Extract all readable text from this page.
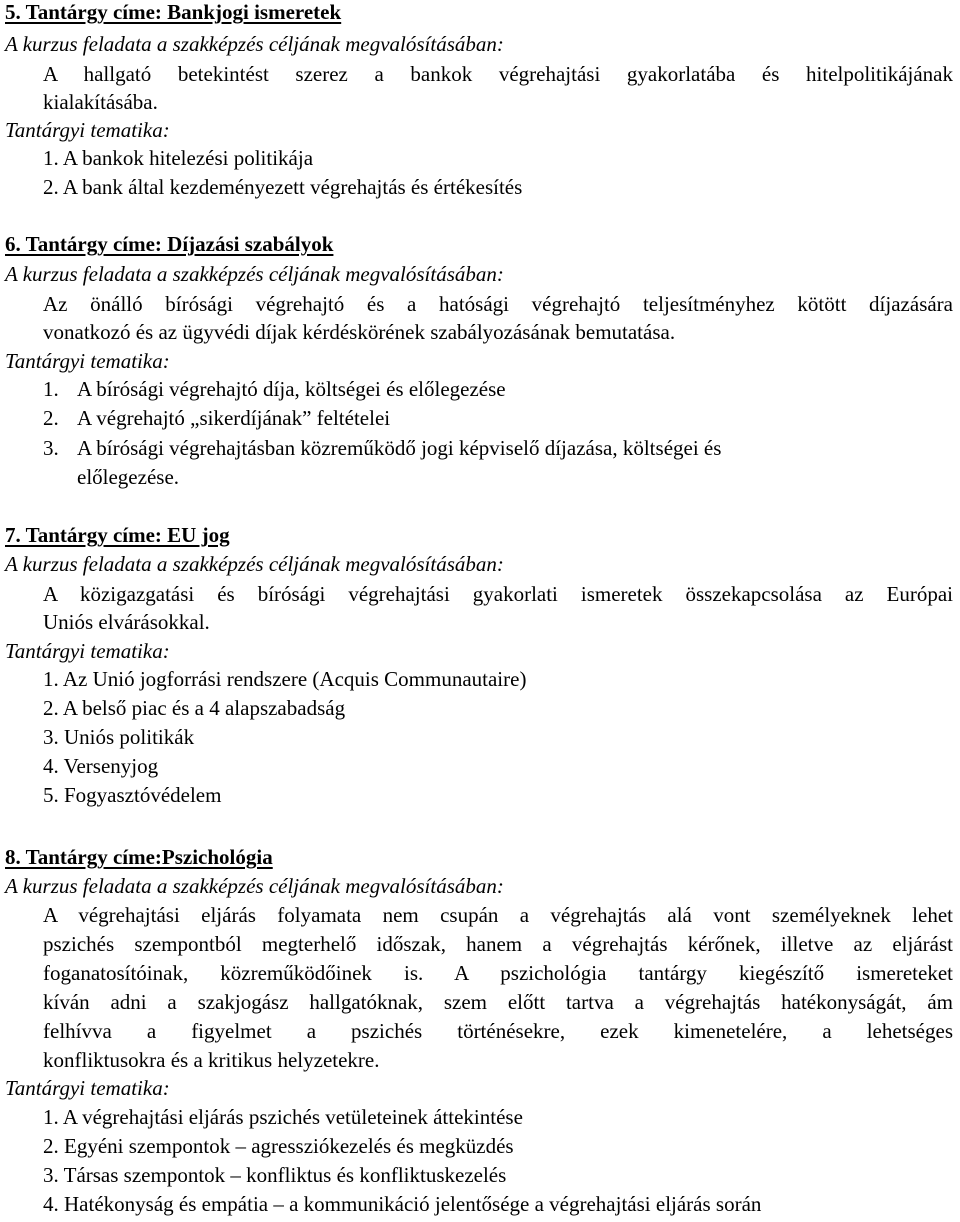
5. Tantárgy címe: Bankjogi ismeretek
A kurzus feladata a szakképzés céljának megvalósításában:
A hallgató betekintést szerez a bankok végrehajtási gyakorlatába és hitelpolitikájának
kialakításába.
Tantárgyi tematika:
1. A bankok hitelezési politikája
2. A bank által kezdeményezett végrehajtás és értékesítés
6. Tantárgy címe: Díjazási szabályok
A kurzus feladata a szakképzés céljának megvalósításában:
Az önálló bírósági végrehajtó és a hatósági végrehajtó teljesítményhez kötött díjazására
vonatkozó és az ügyvédi díjak kérdéskörének szabályozásának bemutatása.
Tantárgyi tematika:
1. A bírósági végrehajtó díja, költségei és előlegezése
2. A végrehajtó „sikerdíjának” feltételei
3. A bírósági végrehajtásban közreműködő jogi képviselő díjazása, költségei és
előlegezése.
7. Tantárgy címe: EU jog
A kurzus feladata a szakképzés céljának megvalósításában:
A közigazgatási és bírósági végrehajtási gyakorlati ismeretek összekapcsolása az Európai
Uniós elvárásokkal.
Tantárgyi tematika:
1. Az Unió jogforrási rendszere (Acquis Communautaire)
2. A belső piac és a 4 alapszabadság
3. Uniós politikák
4. Versenyjog
5. Fogyasztóvédelem
8. Tantárgy címe:Pszichológia
A kurzus feladata a szakképzés céljának megvalósításában:
A végrehajtási eljárás folyamata nem csupán a végrehajtás alá vont személyeknek lehet
pszichés szempontból megterhelő időszak, hanem a végrehajtás kérőnek, illetve az eljárást
foganatosítóinak, közreműködőinek is. A pszichológia tantárgy kiegészítő ismereteket
kíván adni a szakjogász hallgatóknak, szem előtt tartva a végrehajtás hatékonyságát, ám
felhívva a figyelmet a pszichés történésekre, ezek kimenetelére, a lehetséges
konfliktusokra és a kritikus helyzetekre.
Tantárgyi tematika:
1. A végrehajtási eljárás pszichés vetületeinek áttekintése
2. Egyéni szempontok – agressziókezelés és megküzdés
3. Társas szempontok – konfliktus és konfliktuskezelés
4. Hatékonyság és empátia – a kommunikáció jelentősége a végrehajtási eljárás során
